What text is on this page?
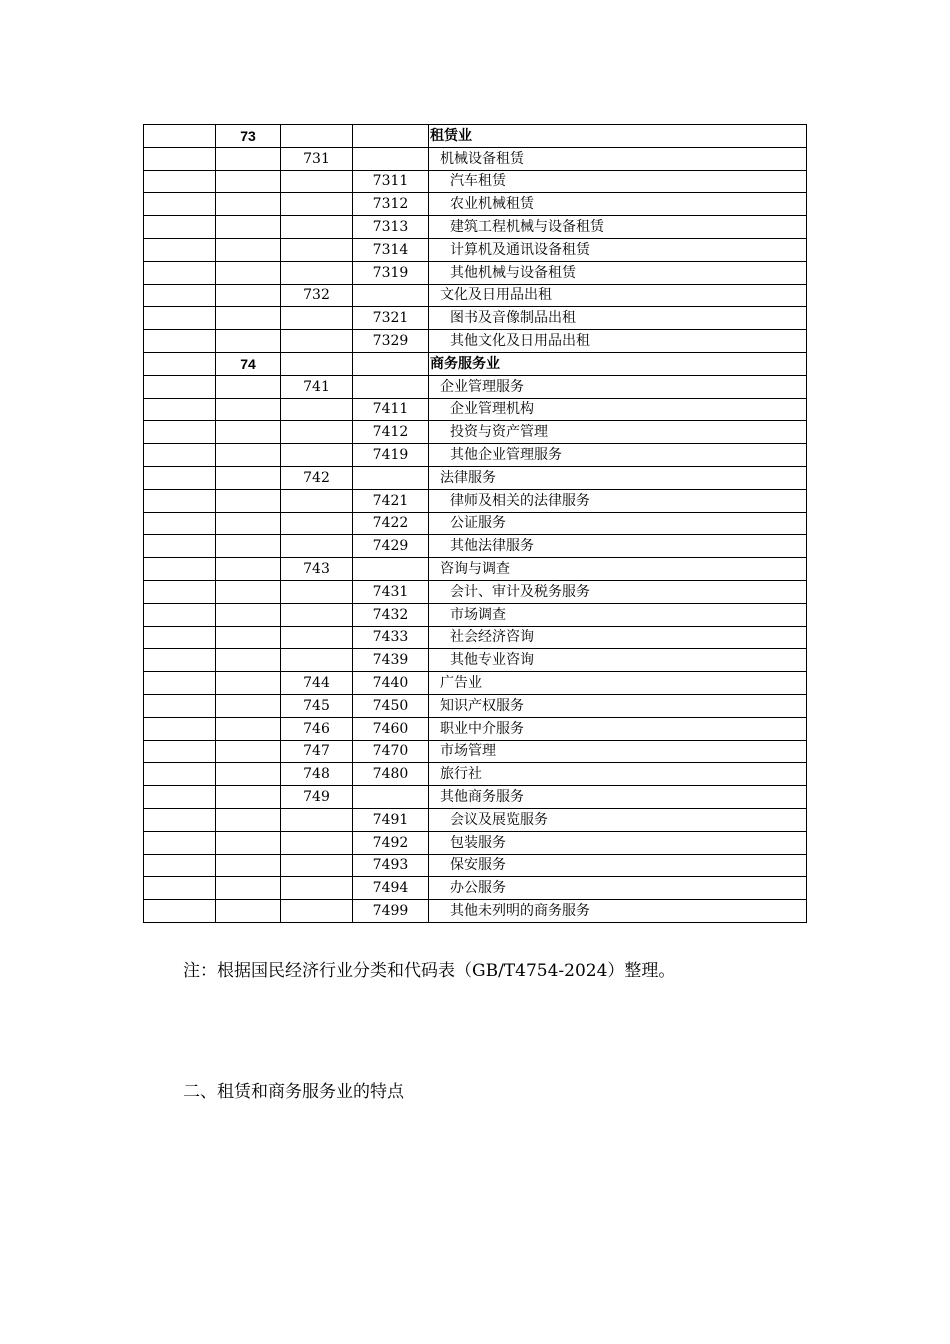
	73			租赁业
		731		机械设备租赁
			7311	汽车租赁
			7312	农业机械租赁
			7313	建筑工程机械与设备租赁
			7314	计算机及通讯设备租赁
			7319	其他机械与设备租赁
		732		文化及日用品出租
			7321	图书及音像制品出租
			7329	其他文化及日用品出租
	74			商务服务业
		741		企业管理服务
			7411	企业管理机构
			7412	投资与资产管理
			7419	其他企业管理服务
		742		法律服务
			7421	律师及相关的法律服务
			7422	公证服务
			7429	其他法律服务
		743		咨询与调查
			7431	会计、审计及税务服务
			7432	市场调查
			7433	社会经济咨询
			7439	其他专业咨询
		744	7440	广告业
		745	7450	知识产权服务
		746	7460	职业中介服务
		747	7470	市场管理
		748	7480	旅行社
		749		其他商务服务
			7491	会议及展览服务
			7492	包装服务
			7493	保安服务
			7494	办公服务
			7499	其他未列明的商务服务
注：根据国民经济行业分类和代码表（GB/T4754-2024）整理。
二、租赁和商务服务业的特点
